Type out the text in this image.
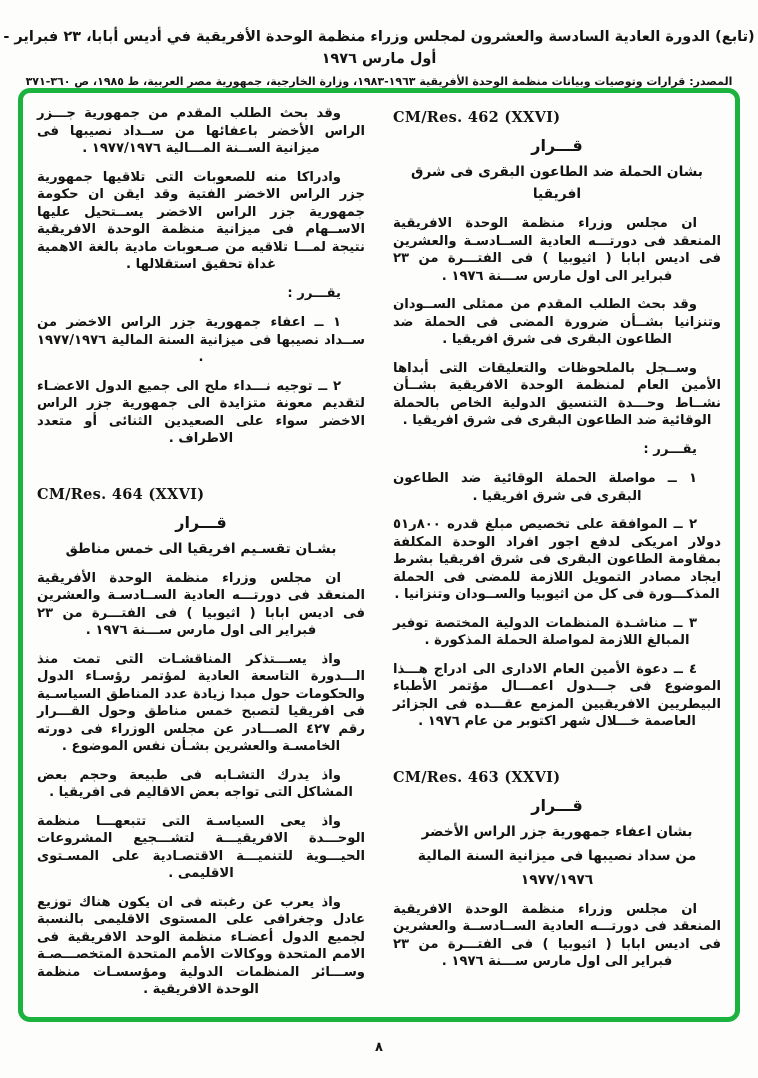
(تابع) الدورة العادية السادسة والعشرون لمجلس وزراء منظمة الوحدة الأفريقية في أديس أبابا، ٢٣ فبراير - أول مارس ١٩٧٦
المصدر: قرارات وتوصيات وبيانات منظمة الوحدة الأفريقية ١٩٦٣-١٩٨٣، وزارة الخارجية، جمهورية مصر العربية، ط ١٩٨٥، ص ٣٦٠-٣٧١
CM/Res. 462 (XXVI)
قـــرار
بشان الحملة ضد الطاعون البقرى فى شرق افريقيا
ان مجلس وزراء منظمة الوحدة الافريقية المنعقد فى دورتـــه العادية الســادسـة والعشرين فى اديس ابابا ( اثيوبيا ) فى الفتـــرة من ٢٣ فبراير الى اول مارس ســـنة ١٩٧٦ .
وقد بحث الطلب المقدم من ممثلى الســودان وتنزانيا بشــأن ضرورة المضى فى الحملة ضد الطاعون البقرى فى شرق افريقيا .
وســجل بالملحوظات والتعليقات التى أبداها الأمين العام لمنظمة الوحدة الافريقية بشــأن نشــاط وحـــدة التنسيق الدولية الخاص بالحملة الوقائية ضد الطاعون البقرى فى شرق افريقيا .
يقـــرر :
١ ــ مواصلة الحملة الوقائية ضد الطاعون البقرى فى شرق افريقيا .
٢ ــ الموافقة على تخصيص مبلغ قدره ٨٠٠ر٥١ دولار امريكى لدفع اجور افراد الوحدة المكلفة بمقاومة الطاعون البقرى فى شرق افريقيا بشرط ايجاد مصادر التمويل اللازمة للمضى فى الحملة المذكـــورة فى كل من اثيوبيا والســودان وتنزانيا .
٣ ــ مناشـدة المنظمات الدولية المختصة توفير المبالغ اللازمة لمواصلة الحملة المذكورة .
٤ ــ دعوة الأمين العام الادارى الى ادراج هـــذا الموضوع فى جـــدول اعمـــال مؤتمر الأطباء البيطريين الافريقيين المزمع عقـــده فى الجزائر العاصمة خـــلال شهر اكتوبر من عام ١٩٧٦ .
CM/Res. 463 (XXVI)
قـــرار
بشان اعفاء جمهورية جزر الراس الأخضر
من سداد نصيبها فى ميزانية السنة المالية
١٩٧٧/١٩٧٦
ان مجلس وزراء منظمة الوحدة الافريقية المنعقد فى دورتـــه العادية الســادســة والعشرين فى اديس ابابا ( اثيوبيا ) فى الفتـــرة من ٢٣ فبراير الى اول مارس ســـنة ١٩٧٦ .
وقد بحث الطلب المقدم من جمهورية جـــزر الراس الأخضر باعفائها من ســداد نصيبها فى ميزانية الســنة المـــالية ١٩٧٧/١٩٧٦ .
وادراكا منه للصعوبات التى تلاقيها جمهورية جزر الراس الاخضر الفتية وقد ايقن ان حكومة جمهورية جزر الراس الاخضر يســتحيل عليها الاســهام فى ميزانية منظمة الوحدة الافريقية نتيجة لمـــا تلاقيه من صـعوبات مادية بالغة الاهمية غداة تحقيق استقلالها .
يقـــرر :
١ ــ اعفاء جمهورية جزر الراس الاخضر من ســداد نصيبها فى ميزانية السنة المالية ١٩٧٧/١٩٧٦ .
٢ ــ توجيه نـــداء ملح الى جميع الدول الاعضـاء لتقديم معونة متزايدة الى جمهورية جزر الراس الاخضر سواء على الصعيدين الثنائى أو متعدد الاطراف .
CM/Res. 464 (XXVI)
قـــرار
بشـان تقسـيم افريقيا الى خمس مناطق
ان مجلس وزراء منظمة الوحدة الأفريقية المنعقد فى دورتـــه العادية الســادسـة والعشرين فى اديس ابابا ( اثيوبيا ) فى الفتـــرة من ٢٣ فبراير الى اول مارس ســـنة ١٩٧٦ .
واذ يســـتذكر المناقشـات التى تمت منذ الـــدورة التاسعة العادية لمؤتمر رؤسـاء الدول والحكومات حول مبدا زيادة عدد المناطق السياسـية فى افريقيا لتصبح خمس مناطق وحول القـــرار رقم ٤٢٧ الصـــادر عن مجلس الوزراء فى دورته الخامسـة والعشرين بشـأن نفس الموضوع .
واذ يدرك التشـابه فى طبيعة وحجم بعض المشاكل التى تواجه بعض الاقاليم فى افريقيا .
واذ يعى السياسـة التى تتبعهـــا منظمة الوحـــدة الافريقيـــة لتشـــجيع المشروعات الحيـــوية للتنميـــة الاقتصـادية على المسـتوى الاقليمى .
واذ يعرب عن رغبته فى ان يكون هناك توزيع عادل وجغرافى على المستوى الاقليمى بالنسبة لجميع الدول أعضـاء منظمة الوحد الافريقية فى الامم المتحدة ووكالات الأمم المتحدة المتخصـــصـة وســـائر المنظمات الدولية ومؤسسـات منظمة الوحدة الافريقية .
٨
